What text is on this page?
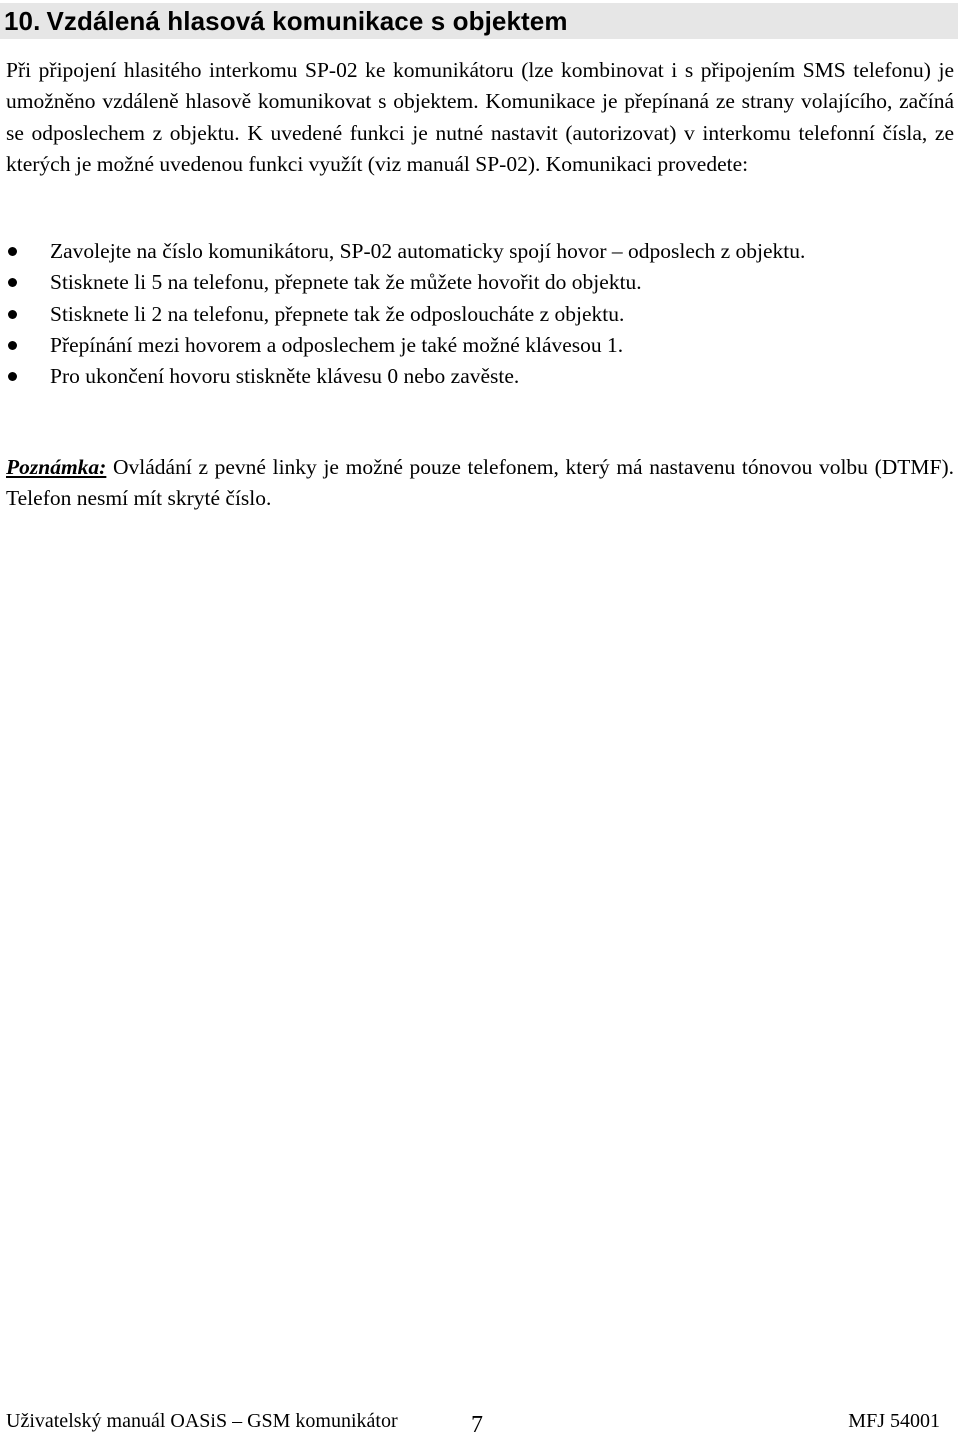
10. Vzdálená hlasová komunikace s objektem

Při připojení hlasitého interkomu SP-02 ke komunikátoru (lze kombinovat i s připojením SMS telefonu) je umožněno vzdáleně hlasově komunikovat s objektem. Komunikace je přepínaná ze strany volajícího, začíná se odposlechem z objektu. K uvedené funkci je nutné nastavit (autorizovat) v interkomu telefonní čísla, ze kterých je možné uvedenou funkci využít (viz manuál SP-02). Komunikaci provedete:

Zavolejte na číslo komunikátoru, SP-02 automaticky spojí hovor – odposlech z objektu.
Stisknete li 5 na telefonu, přepnete tak že můžete hovořit do objektu.
Stisknete li 2 na telefonu, přepnete tak že odposloucháte z objektu.
Přepínání mezi hovorem a odposlechem je také možné klávesou 1.
Pro ukončení hovoru stiskněte klávesu 0 nebo zavěste.

Poznámka: Ovládání z pevné linky je možné pouze telefonem, který má nastavenu tónovou volbu (DTMF). Telefon nesmí mít skryté číslo.

Uživatelský manuál OASiS – GSM komunikátor	7	MFJ 54001
